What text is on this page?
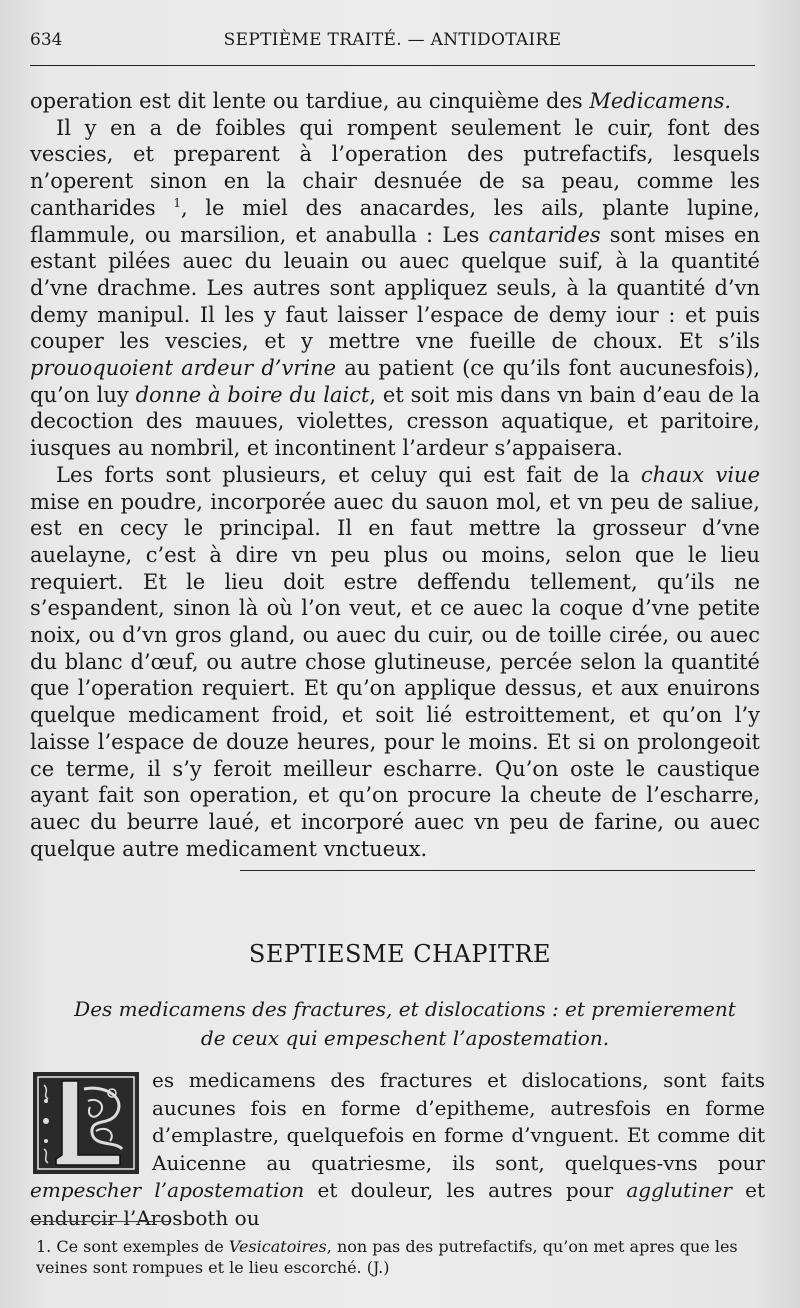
634	SEPTIÈME TRAITÉ. — ANTIDOTAIRE

operation est dit lente ou tardiue, au cinquième des Medicamens.

Il y en a de foibles qui rompent seulement le cuir, font des vescies, et preparent à l’operation des putrefactifs, lesquels n’operent sinon en la chair desnuée de sa peau, comme les cantharides $^1$, le miel des anacardes, les ails, plante lupine, flammule, ou marsilion, et anabulla : Les cantarides sont mises en estant pilées auec du leuain ou auec quelque suif, à la quantité d’vne drachme. Les autres sont appliquez seuls, à la quantité d’vn demy manipul. Il les y faut laisser l’espace de demy iour : et puis couper les vescies, et y mettre vne fueille de choux. Et s’ils prouoquoient ardeur d’vrine au patient (ce qu’ils font aucunesfois), qu’on luy donne à boire du laict, et soit mis dans vn bain d’eau de la decoction des mauues, violettes, cresson aquatique, et paritoire, iusques au nombril, et incontinent l’ardeur s’appaisera.

Les forts sont plusieurs, et celuy qui est fait de la chaux viue mise en poudre, incorporée auec du sauon mol, et vn peu de saliue, est en cecy le principal. Il en faut mettre la grosseur d’vne auelayne, c’est à dire vn peu plus ou moins, selon que le lieu requiert. Et le lieu doit estre deffendu tellement, qu’ils ne s’espandent, sinon là où l’on veut, et ce auec la coque d’vne petite noix, ou d’vn gros gland, ou auec du cuir, ou de toille cirée, ou auec du blanc d’œuf, ou autre chose glutineuse, percée selon la quantité que l’operation requiert. Et qu’on applique dessus, et aux enuirons quelque medicament froid, et soit lié estroittement, et qu’on l’y laisse l’espace de douze heures, pour le moins. Et si on prolongeoit ce terme, il s’y feroit meilleur escharre. Qu’on oste le caustique ayant fait son operation, et qu’on procure la cheute de l’escharre, auec du beurre laué, et incorporé auec vn peu de farine, ou auec quelque autre medicament vnctueux.

SEPTIESME CHAPITRE
Des medicamens des fractures, et dislocations : et premierement
de ceux qui empeschent l’apostemation.
es medicamens des fractures et dislocations, sont faits aucunes fois en forme d’epitheme, autresfois en forme d’emplastre, quelquefois en forme d’vnguent. Et comme dit Auicenne au quatriesme, ils sont, quelques-vns pour empescher l’apostemation et douleur, les autres pour agglutiner et endurcir l’Arosboth ou
1. Ce sont exemples de Vesicatoires, non pas des putrefactifs, qu’on met apres que les veines sont rompues et le lieu escorché. (J.)
